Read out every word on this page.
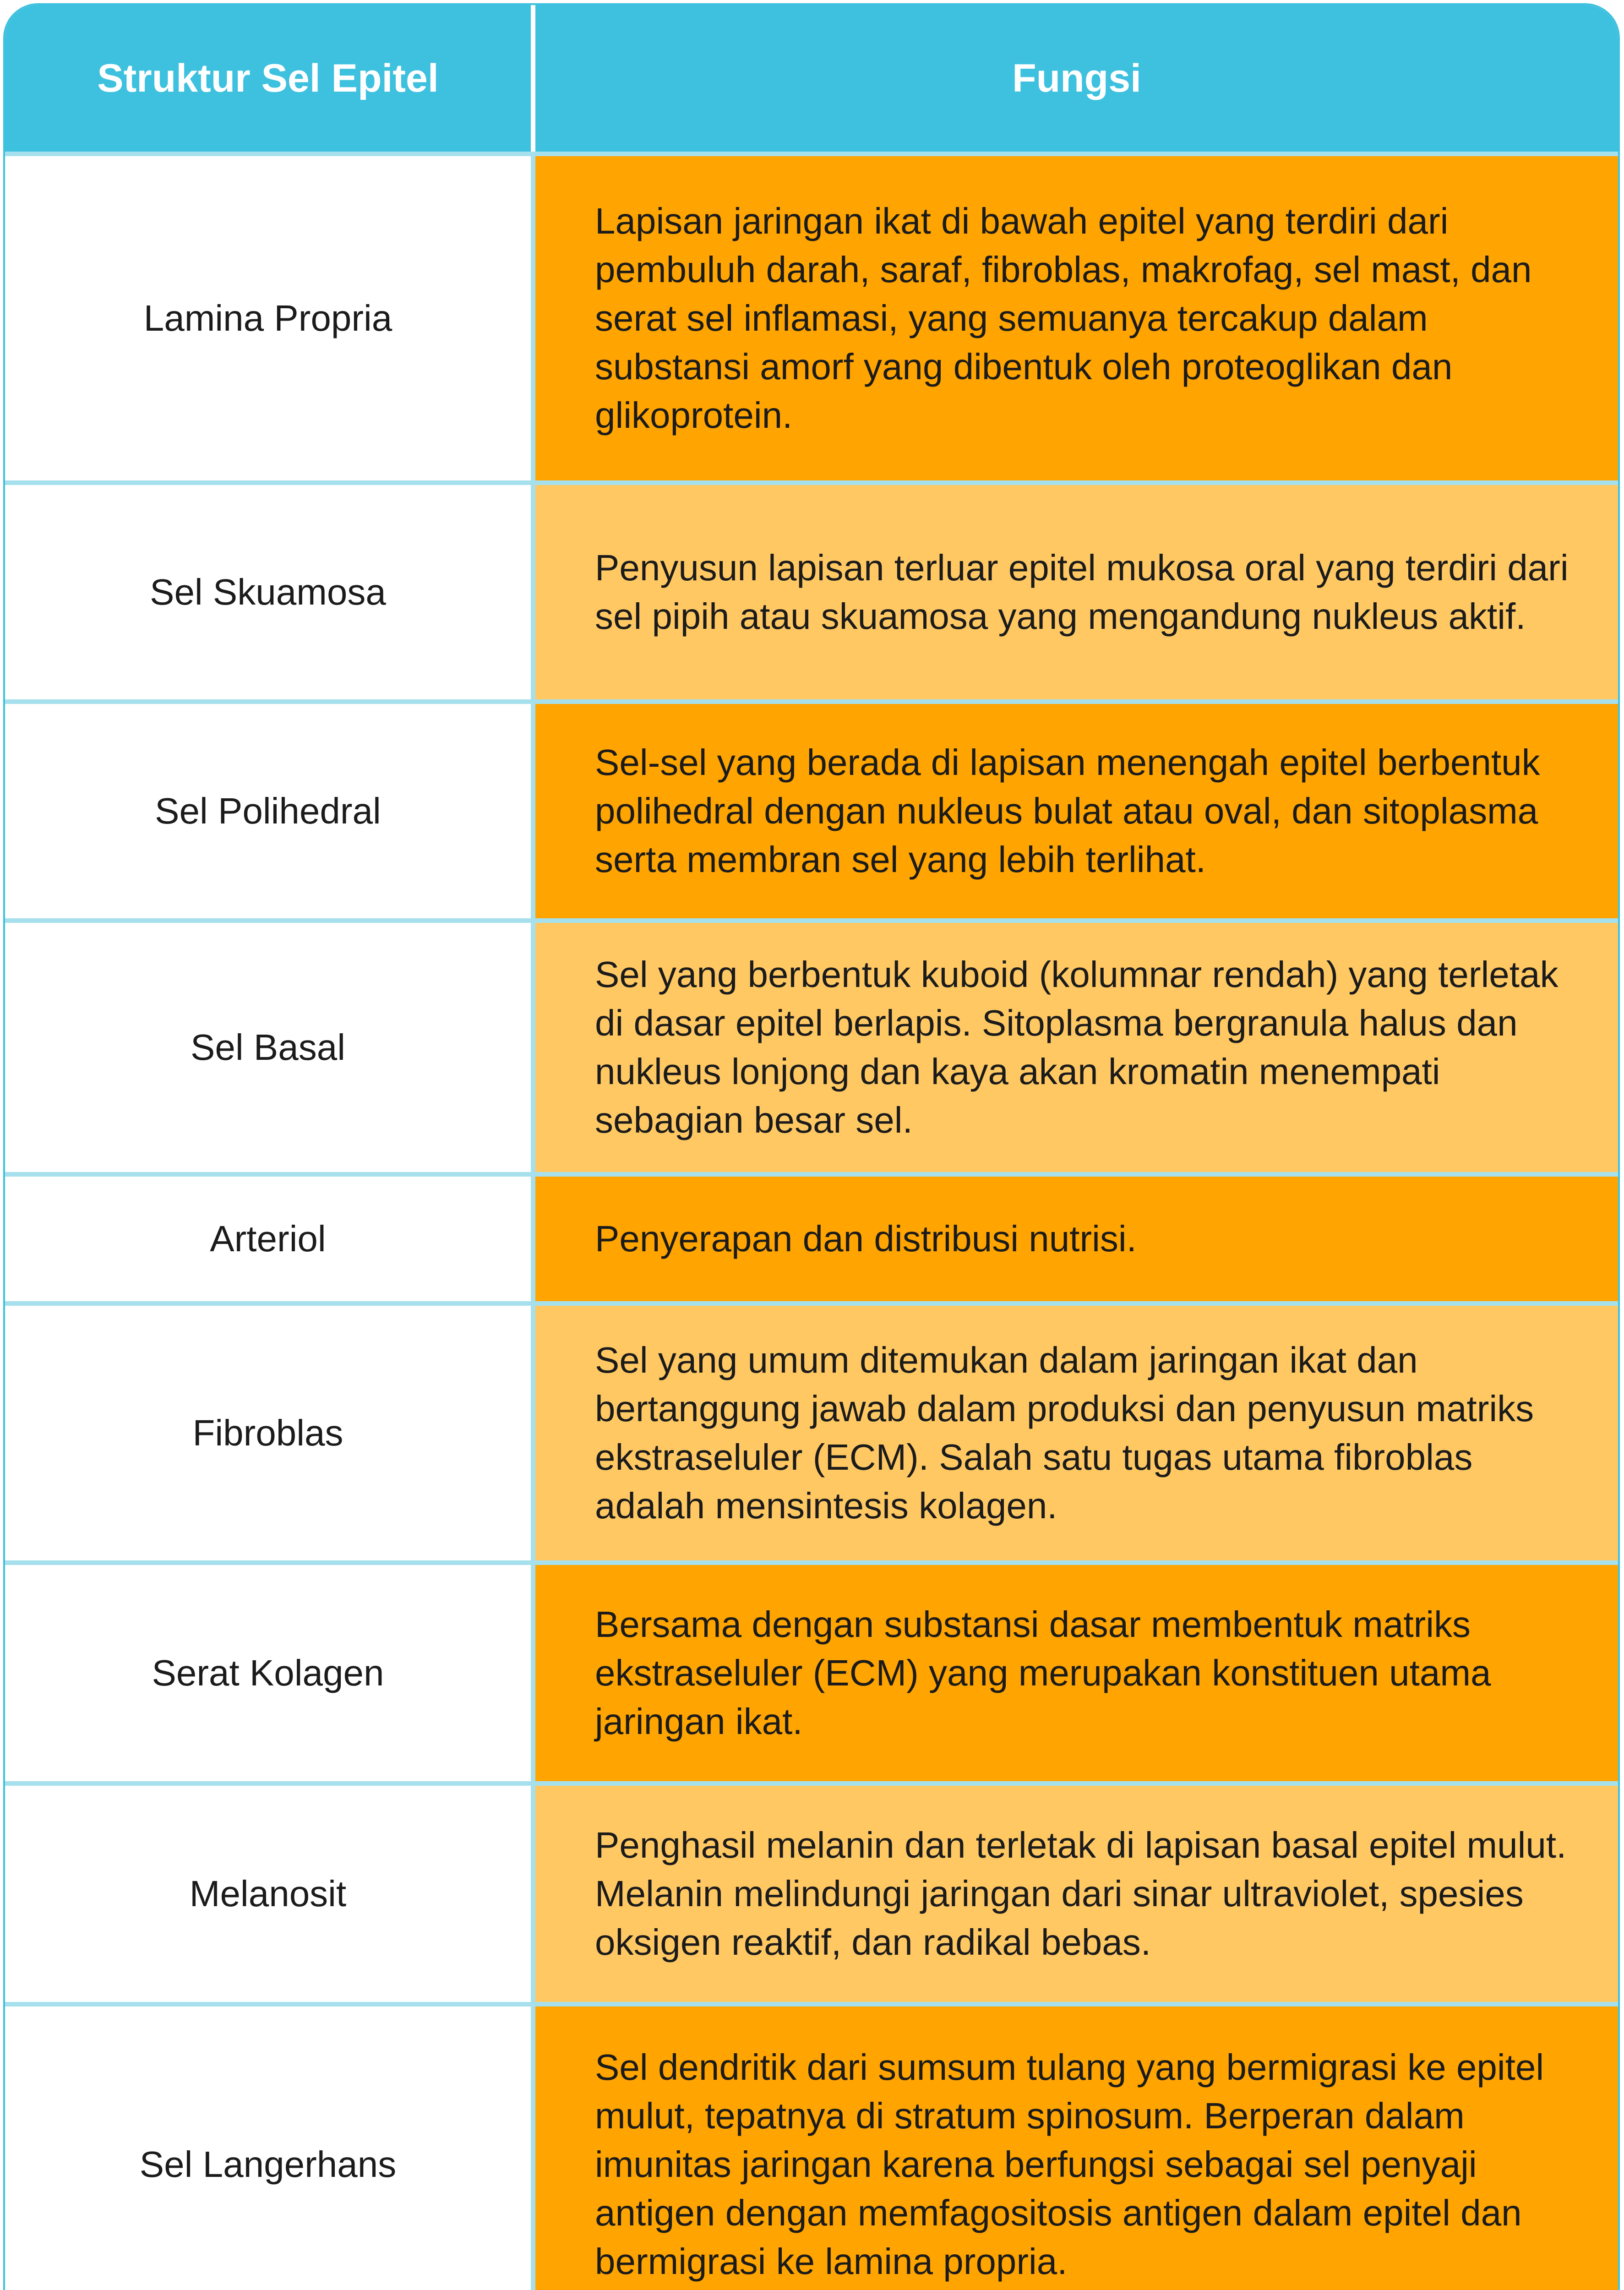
Struktur Sel Epitel	Fungsi
Lamina Propria
Lapisan jaringan ikat di bawah epitel yang terdiri dari pembuluh darah, saraf, fibroblas, makrofag, sel mast, dan serat sel inflamasi, yang semuanya tercakup dalam substansi amorf yang dibentuk oleh proteoglikan dan glikoprotein.
Sel Skuamosa
Penyusun lapisan terluar epitel mukosa oral yang terdiri dari sel pipih atau skuamosa yang mengandung nukleus aktif.
Sel Polihedral
Sel-sel yang berada di lapisan menengah epitel berbentuk polihedral dengan nukleus bulat atau oval, dan sitoplasma serta membran sel yang lebih terlihat.
Sel Basal
Sel yang berbentuk kuboid (kolumnar rendah) yang terletak di dasar epitel berlapis. Sitoplasma bergranula halus dan nukleus lonjong dan kaya akan kromatin menempati sebagian besar sel.
Arteriol	Penyerapan dan distribusi nutrisi.
Fibroblas
Sel yang umum ditemukan dalam jaringan ikat dan bertanggung jawab dalam produksi dan penyusun matriks ekstraseluler (ECM). Salah satu tugas utama fibroblas adalah mensintesis kolagen.
Serat Kolagen
Bersama dengan substansi dasar membentuk matriks ekstraseluler (ECM) yang merupakan konstituen utama jaringan ikat.
Melanosit
Penghasil melanin dan terletak di lapisan basal epitel mulut. Melanin melindungi jaringan dari sinar ultraviolet, spesies oksigen reaktif, dan radikal bebas.
Sel Langerhans
Sel dendritik dari sumsum tulang yang bermigrasi ke epitel mulut, tepatnya di stratum spinosum. Berperan dalam imunitas jaringan karena berfungsi sebagai sel penyaji antigen dengan memfagositosis antigen dalam epitel dan bermigrasi ke lamina propria.
